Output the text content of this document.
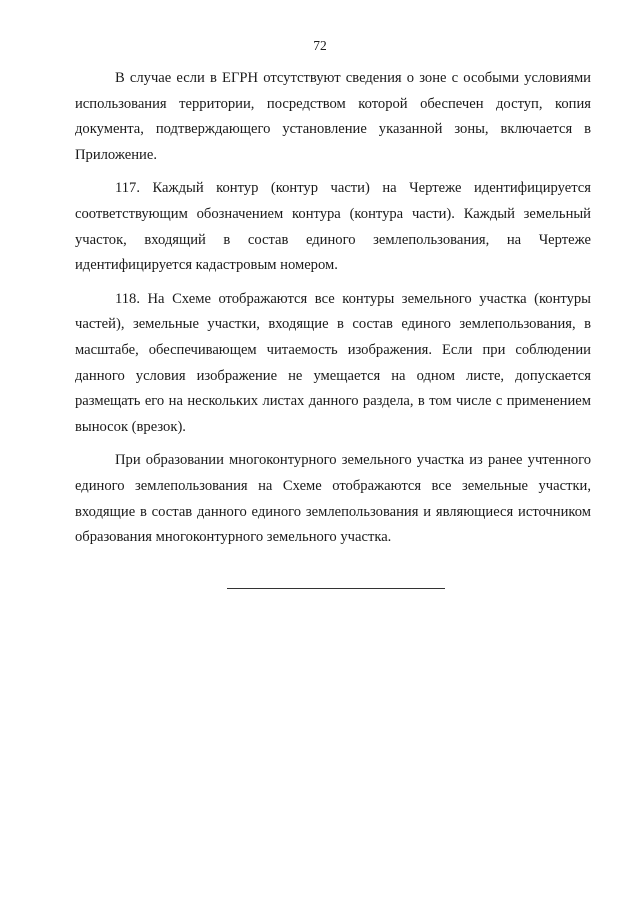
72

В случае если в ЕГРН отсутствуют сведения о зоне с особыми условиями использования территории, посредством которой обеспечен доступ, копия документа, подтверждающего установление указанной зоны, включается в Приложение.

117. Каждый контур (контур части) на Чертеже идентифицируется соответствующим обозначением контура (контура части). Каждый земельный участок, входящий в состав единого землепользования, на Чертеже идентифицируется кадастровым номером.

118. На Схеме отображаются все контуры земельного участка (контуры частей), земельные участки, входящие в состав единого землепользования, в масштабе, обеспечивающем читаемость изображения. Если при соблюдении данного условия изображение не умещается на одном листе, допускается размещать его на нескольких листах данного раздела, в том числе с применением выносок (врезок).

При образовании многоконтурного земельного участка из ранее учтенного единого землепользования на Схеме отображаются все земельные участки, входящие в состав данного единого землепользования и являющиеся источником образования многоконтурного земельного участка.
